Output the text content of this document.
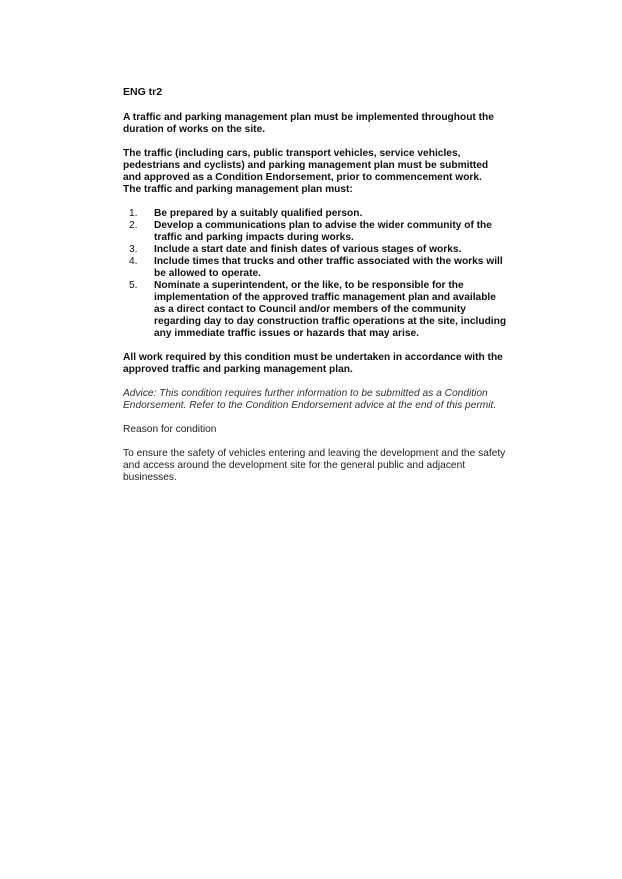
ENG tr2

A traffic and parking management plan must be implemented throughout the duration of works on the site.

The traffic (including cars, public transport vehicles, service vehicles, pedestrians and cyclists) and parking management plan must be submitted and approved as a Condition Endorsement, prior to commencement work.

The traffic and parking management plan must:

1.	Be prepared by a suitably qualified person.
2.	Develop a communications plan to advise the wider community of the traffic and parking impacts during works.
3.	Include a start date and finish dates of various stages of works.
4.	Include times that trucks and other traffic associated with the works will be allowed to operate.
5.	Nominate a superintendent, or the like, to be responsible for the implementation of the approved traffic management plan and available as a direct contact to Council and/or members of the community regarding day to day construction traffic operations at the site, including any immediate traffic issues or hazards that may arise.

All work required by this condition must be undertaken in accordance with the approved traffic and parking management plan.

Advice: This condition requires further information to be submitted as a Condition Endorsement. Refer to the Condition Endorsement advice at the end of this permit.

Reason for condition

To ensure the safety of vehicles entering and leaving the development and the safety and access around the development site for the general public and adjacent businesses.
